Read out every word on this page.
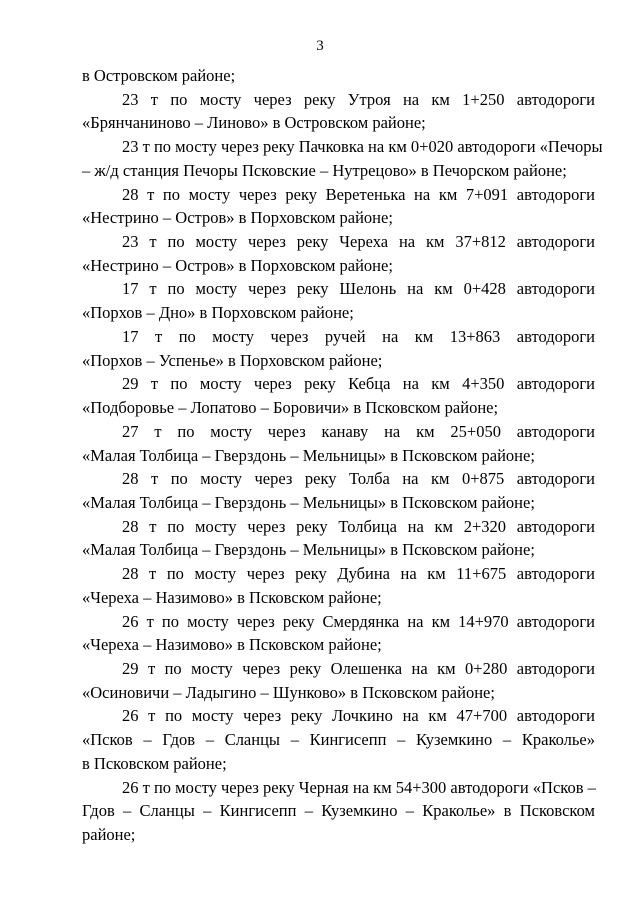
3
в Островском районе;
23 т по мосту через реку Утроя на км 1+250 автодороги
«Брянчаниново – Линово» в Островском районе;
23 т по мосту через реку Пачковка на км 0+020 автодороги «Печоры
– ж/д станция Печоры Псковские – Нутрецово» в Печорском районе;
28 т по мосту через реку Веретенька на км 7+091 автодороги
«Нестрино – Остров» в Порховском районе;
23 т по мосту через реку Череха на км 37+812 автодороги
«Нестрино – Остров» в Порховском районе;
17 т по мосту через реку Шелонь на км 0+428 автодороги
«Порхов – Дно» в Порховском районе;
17 т по мосту через ручей на км 13+863 автодороги
«Порхов – Успенье» в Порховском районе;
29 т по мосту через реку Кебца на км 4+350 автодороги
«Подборовье – Лопатово – Боровичи» в Псковском районе;
27 т по мосту через канаву на км 25+050 автодороги
«Малая Толбица – Гверздонь – Мельницы» в Псковском районе;
28 т по мосту через реку Толба на км 0+875 автодороги
«Малая Толбица – Гверздонь – Мельницы» в Псковском районе;
28 т по мосту через реку Толбица на км 2+320 автодороги
«Малая Толбица – Гверздонь – Мельницы» в Псковском районе;
28 т по мосту через реку Дубина на км 11+675 автодороги
«Череха – Назимово» в Псковском районе;
26 т по мосту через реку Смердянка на км 14+970 автодороги
«Череха – Назимово» в Псковском районе;
29 т по мосту через реку Олешенка на км 0+280 автодороги
«Осиновичи – Ладыгино – Шунково» в Псковском районе;
26 т по мосту через реку Лочкино на км 47+700 автодороги
«Псков – Гдов – Сланцы – Кингисепп – Куземкино – Краколье»
в Псковском районе;
26 т по мосту через реку Черная на км 54+300 автодороги «Псков –
Гдов – Сланцы – Кингисепп – Куземкино – Краколье» в Псковском
районе;
